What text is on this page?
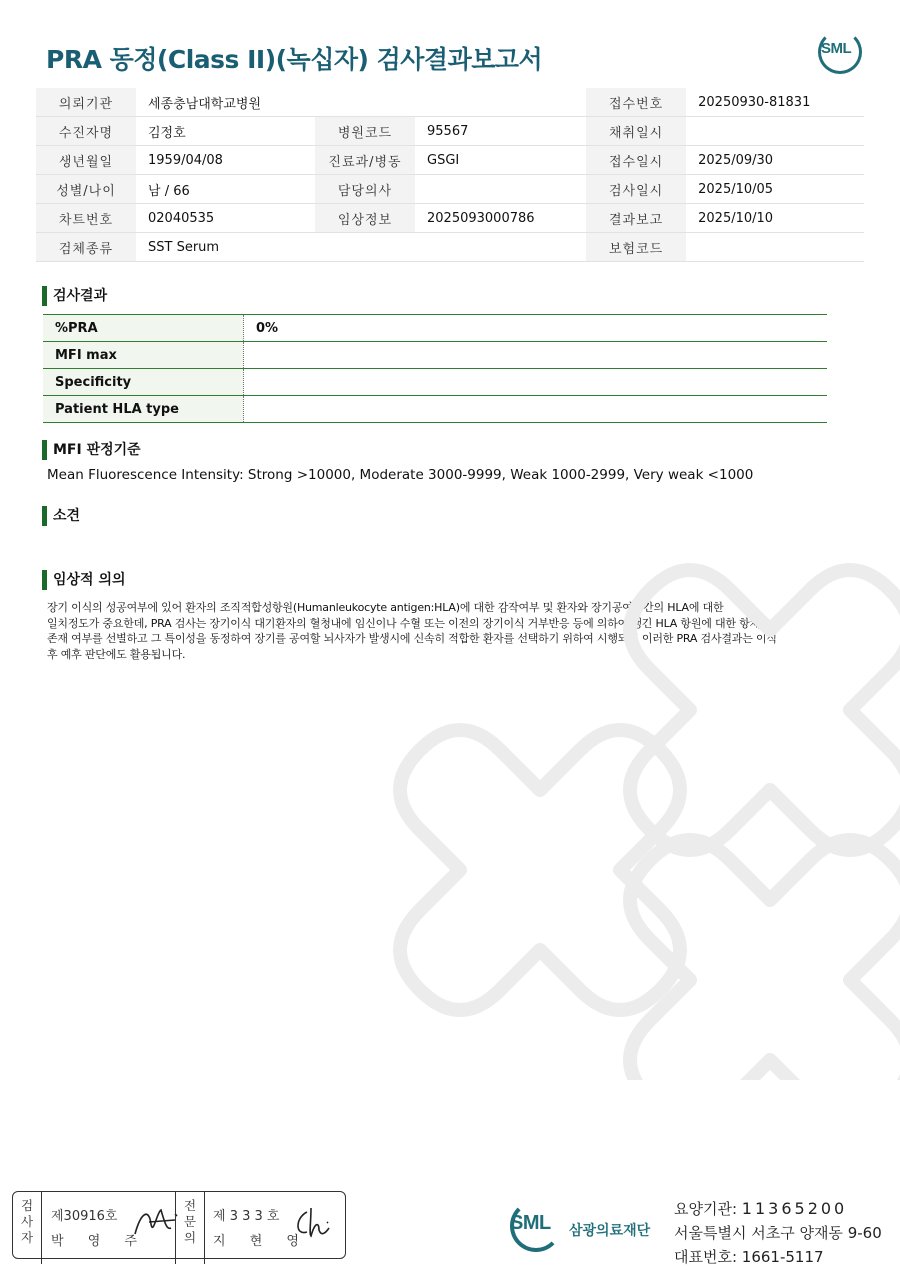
PRA 동정(Class II)(녹십자) 검사결과보고서	SML
의뢰기관	세종충남대학교병원			접수번호	20250930-81831
수진자명	김정호	병원코드	95567	채취일시	
생년월일	1959/04/08	진료과/병동	GSGI	접수일시	2025/09/30
성별/나이	남 / 66	담당의사		검사일시	2025/10/05
차트번호	02040535	임상정보	2025093000786	결과보고	2025/10/10
검체종류	SST Serum			보험코드	
검사결과
%PRA	0%
MFI max	
Specificity	
Patient HLA type	
MFI 판정기준
Mean Fluorescence Intensity: Strong >10000, Moderate 3000-9999, Weak 1000-2999, Very weak <1000
소견
임상적 의의
장기 이식의 성공여부에 있어 환자의 조직적합성항원(Humanleukocyte antigen:HLA)에 대한 감작여부 및 환자와 장기공여자간의 HLA에 대한
일치정도가 중요한데, PRA 검사는 장기이식 대기환자의 혈청내에 임신이나 수혈 또는 이전의 장기이식 거부반응 등에 의하여 생긴 HLA 항원에 대한 항체
존재 여부를 선별하고 그 특이성을 동정하여 장기를 공여할 뇌사자가 발생시에 신속히 적합한 환자를 선택하기 위하여 시행되며 이러한 PRA 검사결과는 이식
후 예후 판단에도 활용됩니다.
검
사
자
제30916호
박 영 주
전
문
의
제 3 3 3 호
지 현 영
SML 삼광의료재단
요양기관: 11365200
서울특별시 서초구 양재동 9-60
대표번호: 1661-5117
